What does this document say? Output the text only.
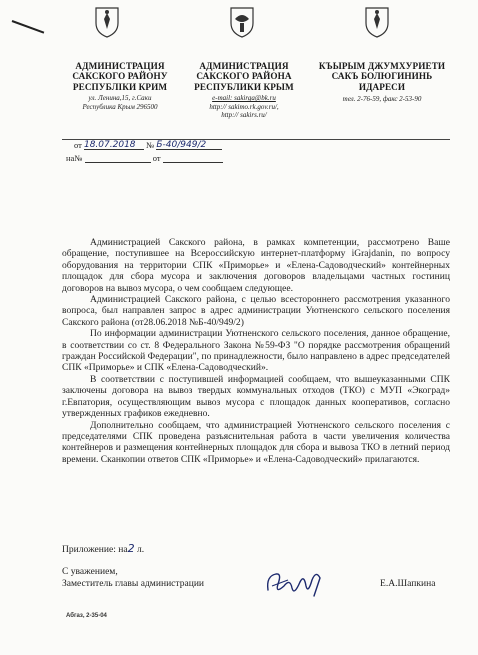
АДМИНИСТРАЦИЯ
САКСКОГО РАЙОНУ
РЕСПУБЛІКИ КРИМ
ул. Ленина,15, г.Саки
Республика Крым 296500
АДМИНИСТРАЦИЯ
САКСКОГО РАЙОНА
РЕСПУБЛИКИ КРЫМ
e-mail: sakirga@bk.ru
http:// sakimo.rk.gov.ru/,
http:// sakirs.ru/
КЪЫРЫМ ДЖУМХУРИЕТИ
САКЪ БОЛЮГИНИНЬ
ИДАРЕСИ
тел. 2-76-59, факс 2-53-90
от 18.07.2018 № Б-40/949/2
на№	от

Администрацией Сакского района, в рамках компетенции, рассмотрено Ваше обращение, поступившее на Всероссийскую интернет-платформу iGrajdanin, по вопросу оборудования на территории СПК «Приморье» и «Елена-Садоводческий» контейнерных площадок для сбора мусора и заключения договоров владельцами частных гостиниц договоров на вывоз мусора, о чем сообщаем следующее.

Администрацией Сакского района, с целью всестороннего рассмотрения указанного вопроса, был направлен запрос в адрес администрации Уютненского сельского поселения Сакского района (от28.06.2018 №Б-40/949/2)

По информации администрации Уютненского сельского поселения, данное обращение, в соответствии со ст. 8 Федерального Закона №59-ФЗ "О порядке рассмотрения обращений граждан Российской Федерации", по принадлежности, было направлено в адрес председателей СПК «Приморье» и СПК «Елена-Садоводческий».

В соответствии с поступившей информацией сообщаем, что вышеуказанными СПК заключены договора на вывоз твердых коммунальных отходов (ТКО) с МУП «Экоград» г.Евпатория, осуществляющим вывоз мусора с площадок данных кооперативов, согласно утвержденных графиков ежедневно.

Дополнительно сообщаем, что администрацией Уютненского сельского поселения с председателями СПК проведена разъяснительная работа в части увеличения количества контейнеров и размещения контейнерных площадок для сбора и вывоза ТКО в летний период времени. Сканкопии ответов СПК «Приморье» и «Елена-Садоводческий» прилагаются.

Приложение: на2 л.
С уважением,
Заместитель главы администрации	Е.А.Шапкина
Абгаз, 2-35-04
